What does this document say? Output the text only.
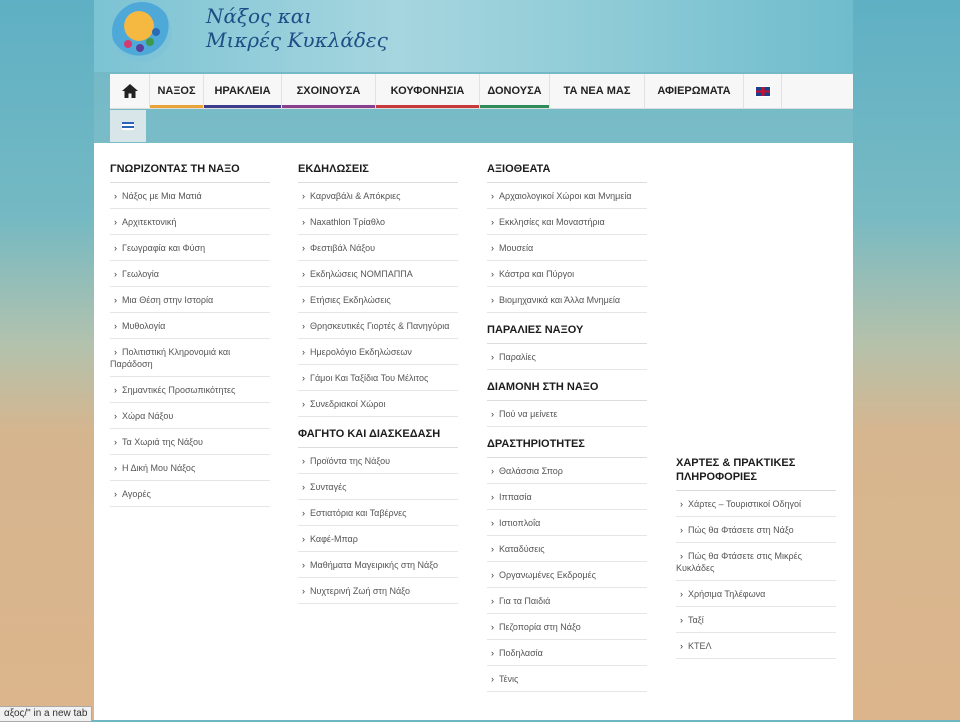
Νάξος και
Μικρές Κυκλάδες
ΝΑΞΟΣ ΗΡΑΚΛΕΙΑ ΣΧΟΙΝΟΥΣΑ	ΚΟΥΦΟΝΗΣΙΑ ΔΟΝΟΥΣΑ ΤΑ ΝΕΑ ΜΑΣ ΑΦΙΕΡΩΜΑΤΑ
ΓΝΩΡΙΖΟΝΤΑΣ ΤΗ ΝΑΞΟ
› Νάξος με Μια Ματιά
› Αρχιτεκτονική
› Γεωγραφία και Φύση
› Γεωλογία
› Μια Θέση στην Ιστορία
› Μυθολογία
› Πολιτιστική Κληρονομιά και Παράδοση
› Σημαντικές Προσωπικότητες
› Χώρα Νάξου
› Τα Χωριά της Νάξου
› Η Δική Μου Νάξος
› Αγορές
ΕΚΔΗΛΩΣΕΙΣ
› Καρναβάλι & Απόκριες
› Naxathlon Τρίαθλο
› Φεστιβάλ Νάξου
› Εκδηλώσεις ΝΟΜΠΑΠΠΑ
› Ετήσιες Εκδηλώσεις
› Θρησκευτικές Γιορτές & Πανηγύρια
› Ημερολόγιο Εκδηλώσεων
› Γάμοι Και Ταξίδια Του Μέλιτος
› Συνεδριακοί Χώροι
ΦΑΓΗΤΟ ΚΑΙ ΔΙΑΣΚΕΔΑΣΗ
› Προϊόντα της Νάξου
› Συνταγές
› Εστιατόρια και Ταβέρνες
› Καφέ-Μπαρ
› Μαθήματα Μαγειρικής στη Νάξο
› Νυχτερινή Ζωή στη Νάξο
ΑΞΙΟΘΕΑΤΑ
› Αρχαιολογικοί Χώροι και Μνημεία
› Εκκλησίες και Μοναστήρια
› Μουσεία
› Κάστρα και Πύργοι
› Βιομηχανικά και Άλλα Μνημεία
ΠΑΡΑΛΙΕΣ ΝΑΞΟΥ
› Παραλίες
ΔΙΑΜΟΝΗ ΣΤΗ ΝΑΞΟ
› Πού να μείνετε
ΔΡΑΣΤΗΡΙΟΤΗΤΕΣ
› Θαλάσσια Σπορ
› Ιππασία
› Ιστιοπλοΐα
› Καταδύσεις
› Οργανωμένες Εκδρομές
› Για τα Παιδιά
› Πεζοπορία στη Νάξο
› Ποδηλασία
› Τένις
ΧΑΡΤΕΣ & ΠΡΑΚΤΙΚΕΣ ΠΛΗΡΟΦΟΡΙΕΣ
› Χάρτες – Τουριστικοί Οδηγοί
› Πώς θα Φτάσετε στη Νάξο
› Πώς θα Φτάσετε στις Μικρές Κυκλάδες
› Χρήσιμα Τηλέφωνα
› Ταξί
› ΚΤΕΛ
αξος/" in a new tab
